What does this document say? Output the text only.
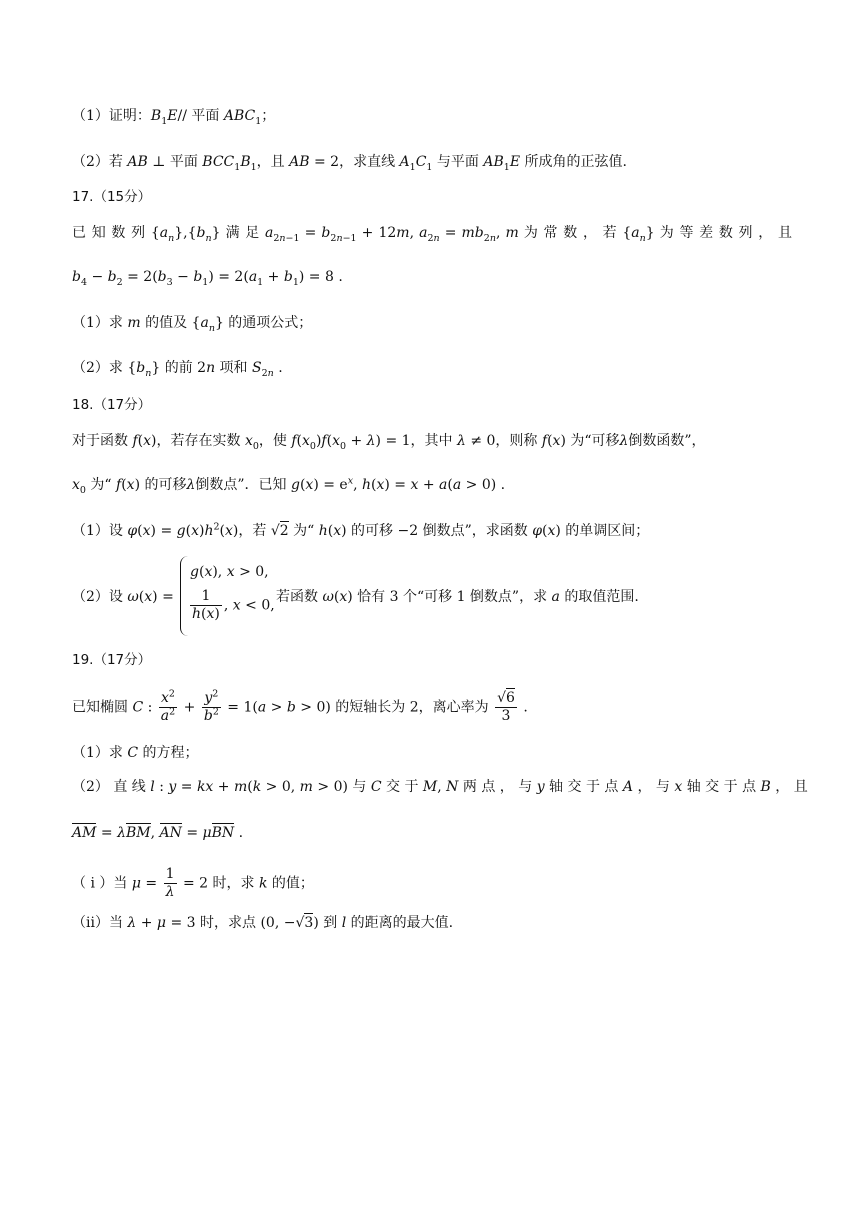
（1）证明：$B_1E//$ 平面 $ABC_1$；
（2）若 AB ⊥ 平面 $BCC_1B_1$，且 AB = 2，求直线 $A_1C_1$ 与平面 $AB_1E$ 所成角的正弦值.
17.（15分）
已 知 数 列 $\{a_n\},\{b_n\}$ 满 足 $a_{2n-1} = b_{2n-1} + 12m$, $a_{2n} = mb_{2n}$, m 为 常 数 ， 若 $\{a_n\}$ 为 等 差 数 列 ， 且
$b_4 - b_2 = 2(b_3 - b_1) = 2(a_1 + b_1) = 8$ .
（1）求 m 的值及 $\{a_n\}$ 的通项公式；
（2）求 $\{b_n\}$ 的前 2n 项和 $S_{2n}$ .
18.（17分）
对于函数 f(x)，若存在实数 $x_0$，使 $f(x_0)f(x_0 + \lambda) = 1$，其中 λ ≠ 0，则称 f(x) 为“可移λ倒数函数”，
$x_0$ 为“ f(x) 的可移λ倒数点”．已知 $g(x) = e^x$, h(x) = x + a(a > 0) .
（1）设 $\varphi(x) = g(x)h^2(x)$，若 √2 为“ h(x) 的可移 −2 倒数点”，求函数 φ(x) 的单调区间；
（2）设 ω(x) =
g(x), x > 0,
$\frac{1}{h(x)}$ , x < 0,
若函数 ω(x) 恰有 3 个“可移 1 倒数点”，求 a 的取值范围.
19.（17分）
已知椭圆 C : $\frac{x^2}{a^2} + \frac{y^2}{b^2} = 1(a > b > 0)$ 的短轴长为 2，离心率为 $\frac{√6}{3}$ .
（1）求 C 的方程；
（2） 直 线 l : y = kx + m(k > 0, m > 0) 与 C 交 于 M, N 两 点 ， 与 y 轴 交 于 点 A ， 与 x 轴 交 于 点 B ， 且
AM = λBM, AN = μBN .
（ i ）当 $\mu = \frac{1}{\lambda} = 2$ 时，求 k 的值；
（ii）当 λ + μ = 3 时，求点 (0, −√3) 到 l 的距离的最大值.
